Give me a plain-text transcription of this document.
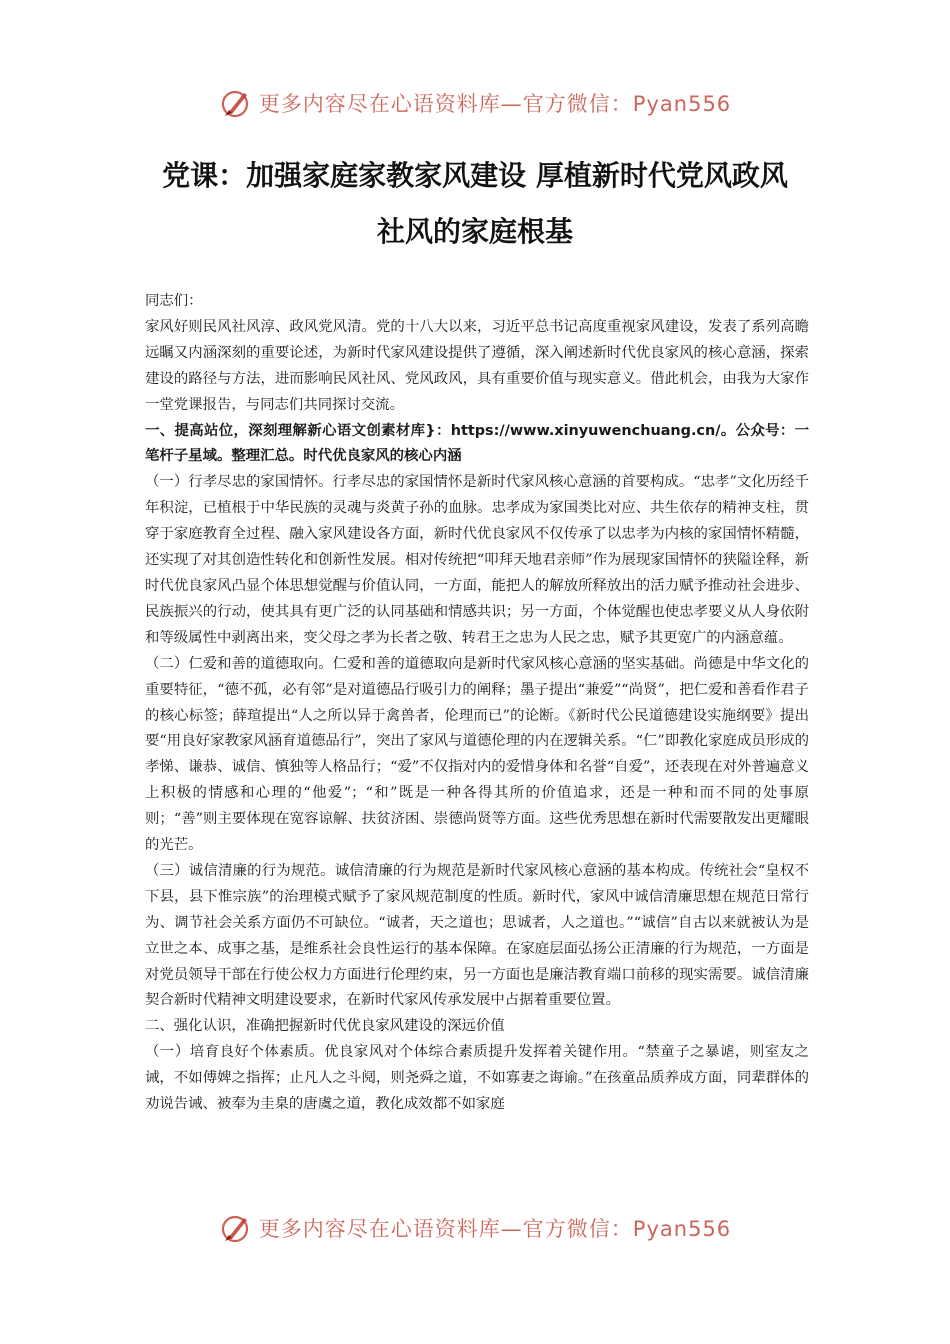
更多内容尽在心语资料库—官方微信：Pyan556
党课：加强家庭家教家风建设 厚植新时代党风政风
社风的家庭根基

同志们：

家风好则民风社风淳、政风党风清。党的十八大以来，习近平总书记高度重视家风建设，发表了系列高瞻远瞩又内涵深刻的重要论述，为新时代家风建设提供了遵循，深入阐述新时代优良家风的核心意涵，探索建设的路径与方法，进而影响民风社风、党风政风，具有重要价值与现实意义。借此机会，由我为大家作一堂党课报告，与同志们共同探讨交流。

一、提高站位，深刻理解新心语文创素材库}：https://www.xinyuwenchuang.cn/。公众号：一笔杆子星域。整理汇总。时代优良家风的核心内涵

（一）行孝尽忠的家国情怀。行孝尽忠的家国情怀是新时代家风核心意涵的首要构成。“忠孝”文化历经千年积淀，已植根于中华民族的灵魂与炎黄子孙的血脉。忠孝成为家国类比对应、共生依存的精神支柱，贯穿于家庭教育全过程、融入家风建设各方面，新时代优良家风不仅传承了以忠孝为内核的家国情怀精髓，还实现了对其创造性转化和创新性发展。相对传统把“叩拜天地君亲师”作为展现家国情怀的狭隘诠释，新时代优良家风凸显个体思想觉醒与价值认同，一方面，能把人的解放所释放出的活力赋予推动社会进步、民族振兴的行动，使其具有更广泛的认同基础和情感共识；另一方面，个体觉醒也使忠孝要义从人身依附和等级属性中剥离出来，变父母之孝为长者之敬、转君王之忠为人民之忠，赋予其更宽广的内涵意蕴。

（二）仁爱和善的道德取向。仁爱和善的道德取向是新时代家风核心意涵的坚实基础。尚德是中华文化的重要特征，“德不孤，必有邻”是对道德品行吸引力的阐释；墨子提出“兼爱”“尚贤”，把仁爱和善看作君子的核心标签；薛瑄提出“人之所以异于禽兽者，伦理而已”的论断。《新时代公民道德建设实施纲要》提出要“用良好家教家风涵育道德品行”，突出了家风与道德伦理的内在逻辑关系。“仁”即教化家庭成员形成的孝悌、谦恭、诚信、慎独等人格品行；“爱”不仅指对内的爱惜身体和名誉“自爱”，还表现在对外普遍意义上积极的情感和心理的“他爱”；“和”既是一种各得其所的价值追求，还是一种和而不同的处事原则；“善”则主要体现在宽容谅解、扶贫济困、崇德尚贤等方面。这些优秀思想在新时代需要散发出更耀眼的光芒。

（三）诚信清廉的行为规范。诚信清廉的行为规范是新时代家风核心意涵的基本构成。传统社会“皇权不下县，县下惟宗族”的治理模式赋予了家风规范制度的性质。新时代，家风中诚信清廉思想在规范日常行为、调节社会关系方面仍不可缺位。“诚者，天之道也；思诚者，人之道也。”“诚信”自古以来就被认为是立世之本、成事之基，是维系社会良性运行的基本保障。在家庭层面弘扬公正清廉的行为规范，一方面是对党员领导干部在行使公权力方面进行伦理约束，另一方面也是廉洁教育端口前移的现实需要。诚信清廉契合新时代精神文明建设要求，在新时代家风传承发展中占据着重要位置。

二、强化认识，准确把握新时代优良家风建设的深远价值

（一）培育良好个体素质。优良家风对个体综合素质提升发挥着关键作用。“禁童子之暴谑，则室友之诫，不如傅婢之指挥；止凡人之斗阋，则尧舜之道，不如寡妻之诲谕。”在孩童品质养成方面，同辈群体的劝说告诫、被奉为圭臬的唐虞之道，教化成效都不如家庭

更多内容尽在心语资料库—官方微信：Pyan556
